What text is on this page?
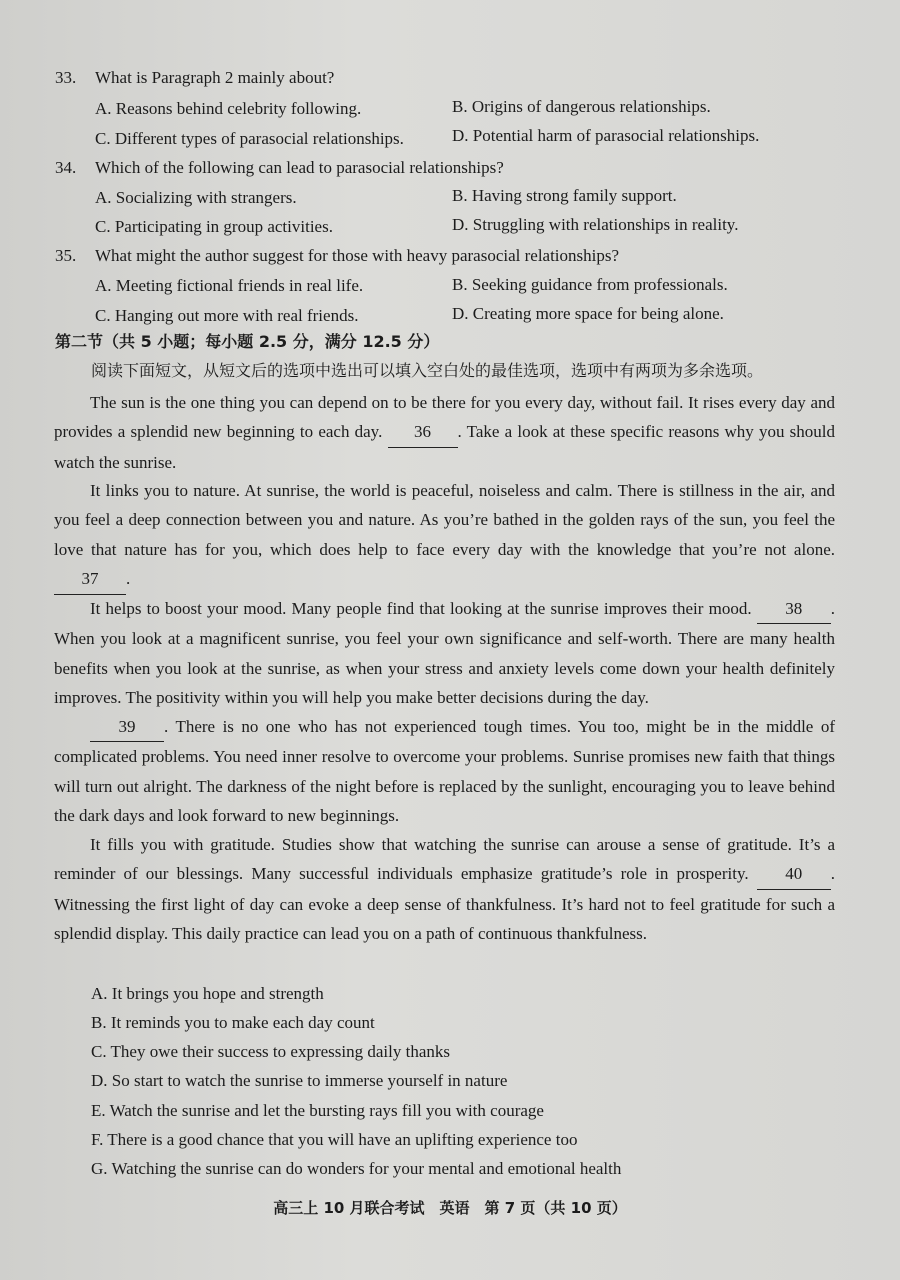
33. What is Paragraph 2 mainly about?
A. Reasons behind celebrity following.	B. Origins of dangerous relationships.
C. Different types of parasocial relationships.	D. Potential harm of parasocial relationships.
34. Which of the following can lead to parasocial relationships?
A. Socializing with strangers.	B. Having strong family support.
C. Participating in group activities.	D. Struggling with relationships in reality.
35. What might the author suggest for those with heavy parasocial relationships?
A. Meeting fictional friends in real life.	B. Seeking guidance from professionals.
C. Hanging out more with real friends.	D. Creating more space for being alone.
第二节（共 5 小题；每小题 2.5 分，满分 12.5 分）
阅读下面短文，从短文后的选项中选出可以填入空白处的最佳选项，选项中有两项为多余选项。

The sun is the one thing you can depend on to be there for you every day, without fail. It rises every day and provides a splendid new beginning to each day. 36 . Take a look at these specific reasons why you should watch the sunrise.

It links you to nature. At sunrise, the world is peaceful, noiseless and calm. There is stillness in the air, and you feel a deep connection between you and nature. As you’re bathed in the golden rays of the sun, you feel the love that nature has for you, which does help to face every day with the knowledge that you’re not alone. 37 .

It helps to boost your mood. Many people find that looking at the sunrise improves their mood. 38 . When you look at a magnificent sunrise, you feel your own significance and self-worth. There are many health benefits when you look at the sunrise, as when your stress and anxiety levels come down your health definitely improves. The positivity within you will help you make better decisions during the day.

39 . There is no one who has not experienced tough times. You too, might be in the middle of complicated problems. You need inner resolve to overcome your problems. Sunrise promises new faith that things will turn out alright. The darkness of the night before is replaced by the sunlight, encouraging you to leave behind the dark days and look forward to new beginnings.

It fills you with gratitude. Studies show that watching the sunrise can arouse a sense of gratitude. It’s a reminder of our blessings. Many successful individuals emphasize gratitude’s role in prosperity. 40 . Witnessing the first light of day can evoke a deep sense of thankfulness. It’s hard not to feel gratitude for such a splendid display. This daily practice can lead you on a path of continuous thankfulness.

A. It brings you hope and strength
B. It reminds you to make each day count
C. They owe their success to expressing daily thanks
D. So start to watch the sunrise to immerse yourself in nature
E. Watch the sunrise and let the bursting rays fill you with courage
F. There is a good chance that you will have an uplifting experience too
G. Watching the sunrise can do wonders for your mental and emotional health
高三上 10 月联合考试　英语　第 7 页（共 10 页）
